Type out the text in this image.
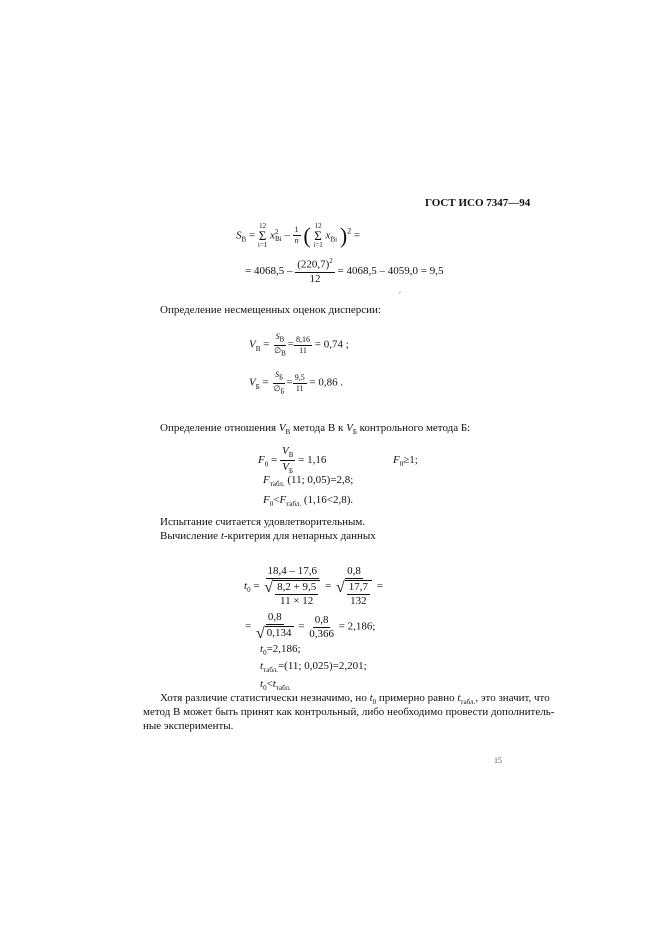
ГОСТ ИСО 7347—94
$S_В$ =
12
Σ
i=1
x 2
Вi – $\frac{1}{n}$ ( 12
Σ
i=1
$x_{Вi}$ )$^2$ =
= $4068,5 - \frac{(220,7)^2}{12} = 4068,5 - 4059,0 = 9,5$
׳

Определение несмещенных оценок дисперсии:

$V_В = \frac{S_В}{\emptyset_В} = \frac{8,16}{11} = 0,74$ ;
$V_Б = \frac{S_Б}{\emptyset_Б} = \frac{9,5}{11} = 0,86$ .

Определение отношения $V_В$ метода В к $V_Б$ контрольного метода Б:

$F_0 = \frac{V_В}{V_Б} = 1,16$	$F_0\ge 1$;
$F_{табл.}$ (11; 0,05)=2,8;
$F_0<F_{табл.}$ (1,16<2,8).

Испытание считается удовлетворительным.

Вычисление t-критерия для непарных данных

$t_0$ =
18,4 – 17,6
√ $\frac{8,2 + 9,5}{11 \times 12} = \frac{0,8}{√ \frac{17,7}{132}}$ =
= $\frac{0,8}{√ 0,134} = \frac{0,8}{0,366} = 2,186$;
$t_0=2,186$;
$t_{табл.}=(11$; 0,025)=2,201;
$t_0<t_{табл.}$

Хотя различие статистически незначимо, но $t_0$ примерно равно $t_{табл.}$, это значит, что

метод В может быть принят как контрольный, либо необходимо провести дополнитель-

ные эксперименты.

15
